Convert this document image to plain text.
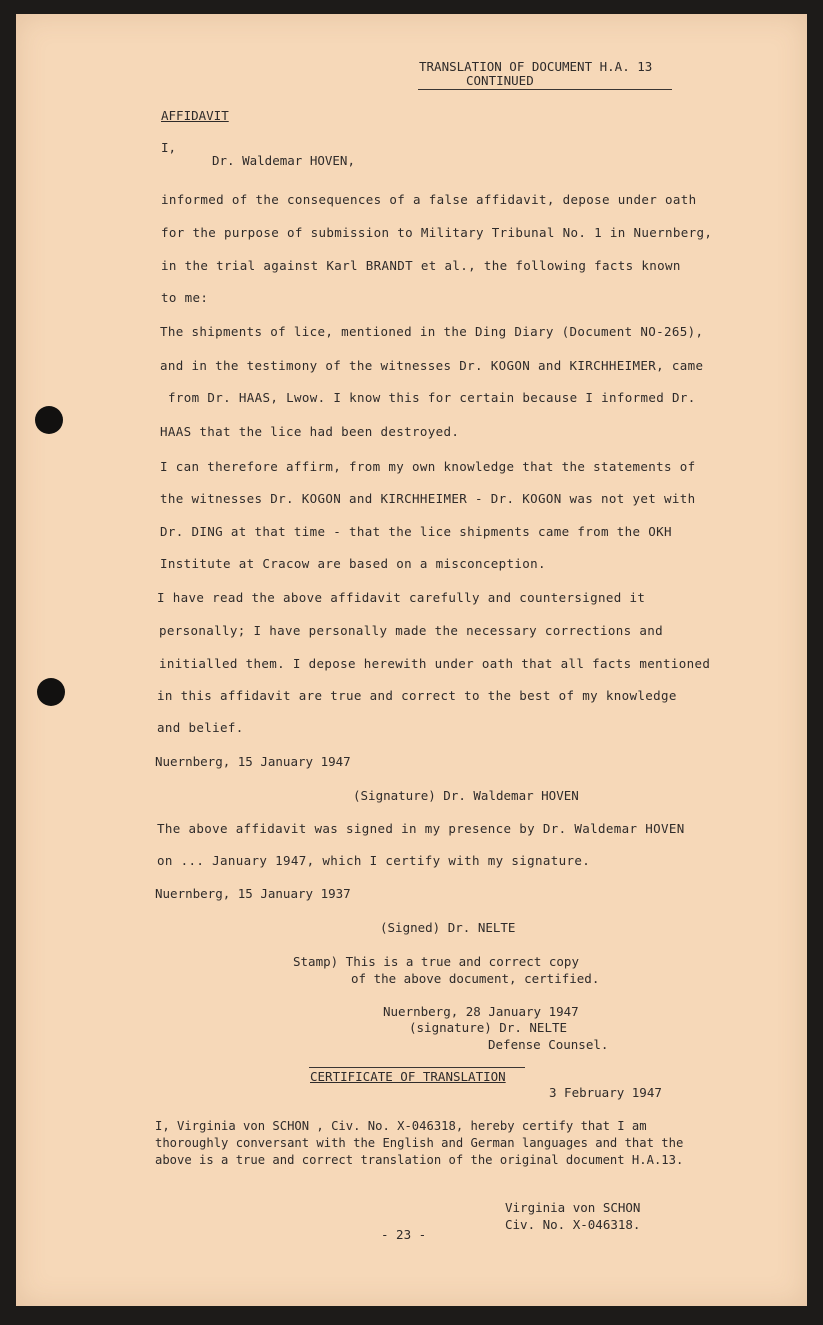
TRANSLATION OF DOCUMENT H.A. 13
CONTINUED
AFFIDAVIT
I,
Dr. Waldemar HOVEN,
informed of the consequences of a false affidavit, depose under oath
for the purpose of submission to Military Tribunal No. 1 in Nuernberg,
in the trial against Karl BRANDT et al., the following facts known
to me:
The shipments of lice, mentioned in the Ding Diary (Document NO-265),
and in the testimony of the witnesses Dr. KOGON and KIRCHHEIMER, came
from Dr. HAAS, Lwow. I know this for certain because I informed Dr.
HAAS that the lice had been destroyed.
I can therefore affirm, from my own knowledge that the statements of
the witnesses Dr. KOGON and KIRCHHEIMER - Dr. KOGON was not yet with
Dr. DING at that time - that the lice shipments came from the OKH
Institute at Cracow are based on a misconception.
I have read the above affidavit carefully and countersigned it
personally; I have personally made the necessary corrections and
initialled them. I depose herewith under oath that all facts mentioned
in this affidavit are true and correct to the best of my knowledge
and belief.
Nuernberg, 15 January 1947
(Signature) Dr. Waldemar HOVEN
The above affidavit was signed in my presence by Dr. Waldemar HOVEN
on ... January 1947, which I certify with my signature.
Nuernberg, 15 January 1937
(Signed) Dr. NELTE
Stamp) This is a true and correct copy
of the above document, certified.
Nuernberg, 28 January 1947
(signature) Dr. NELTE
Defense Counsel.
CERTIFICATE OF TRANSLATION
3 February 1947
I, Virginia von SCHON , Civ. No. X-046318, hereby certify that I am
thoroughly conversant with the English and German languages and that the
above is a true and correct translation of the original document H.A.13.
Virginia von SCHON
Civ. No. X-046318.
- 23 -
